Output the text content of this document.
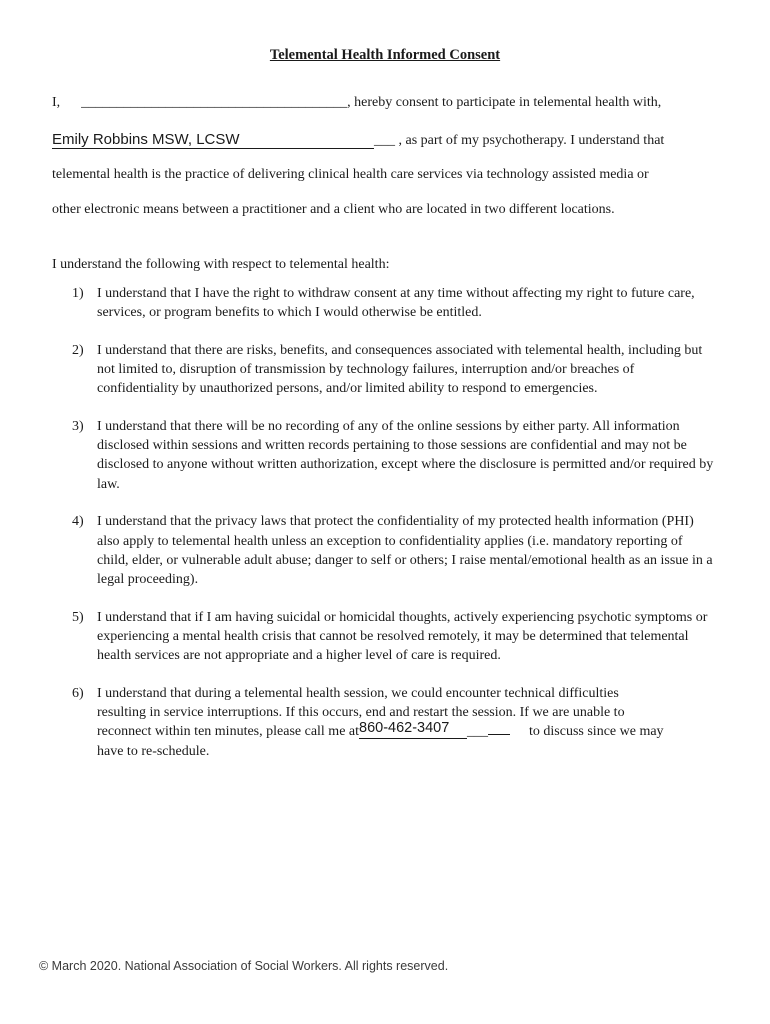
Telemental Health Informed Consent
I, ______________________________________, hereby consent to participate in telemental health with,
Emily Robbins MSW, LCSW	___ , as part of my psychotherapy. I understand that
telemental health is the practice of delivering clinical health care services via technology assisted media or
other electronic means between a practitioner and a client who are located in two different locations.
I understand the following with respect to telemental health:
1) I understand that I have the right to withdraw consent at any time without affecting my right to future care, services, or program benefits to which I would otherwise be entitled.
2) I understand that there are risks, benefits, and consequences associated with telemental health, including but not limited to, disruption of transmission by technology failures, interruption and/or breaches of confidentiality by unauthorized persons, and/or limited ability to respond to emergencies.
3) I understand that there will be no recording of any of the online sessions by either party. All information disclosed within sessions and written records pertaining to those sessions are confidential and may not be disclosed to anyone without written authorization, except where the disclosure is permitted and/or required by law.
4) I understand that the privacy laws that protect the confidentiality of my protected health information (PHI) also apply to telemental health unless an exception to confidentiality applies (i.e. mandatory reporting of child, elder, or vulnerable adult abuse; danger to self or others; I raise mental/emotional health as an issue in a legal proceeding).
5) I understand that if I am having suicidal or homicidal thoughts, actively experiencing psychotic symptoms or experiencing a mental health crisis that cannot be resolved remotely, it may be determined that telemental health services are not appropriate and a higher level of care is required.
6) I understand that during a telemental health session, we could encounter technical difficulties
resulting in service interruptions. If this occurs, end and restart the session. If we are unable to
reconnect within ten minutes, please call me at860-462-3407 ___	to discuss since we may
have to re-schedule.
© March 2020. National Association of Social Workers. All rights reserved.
